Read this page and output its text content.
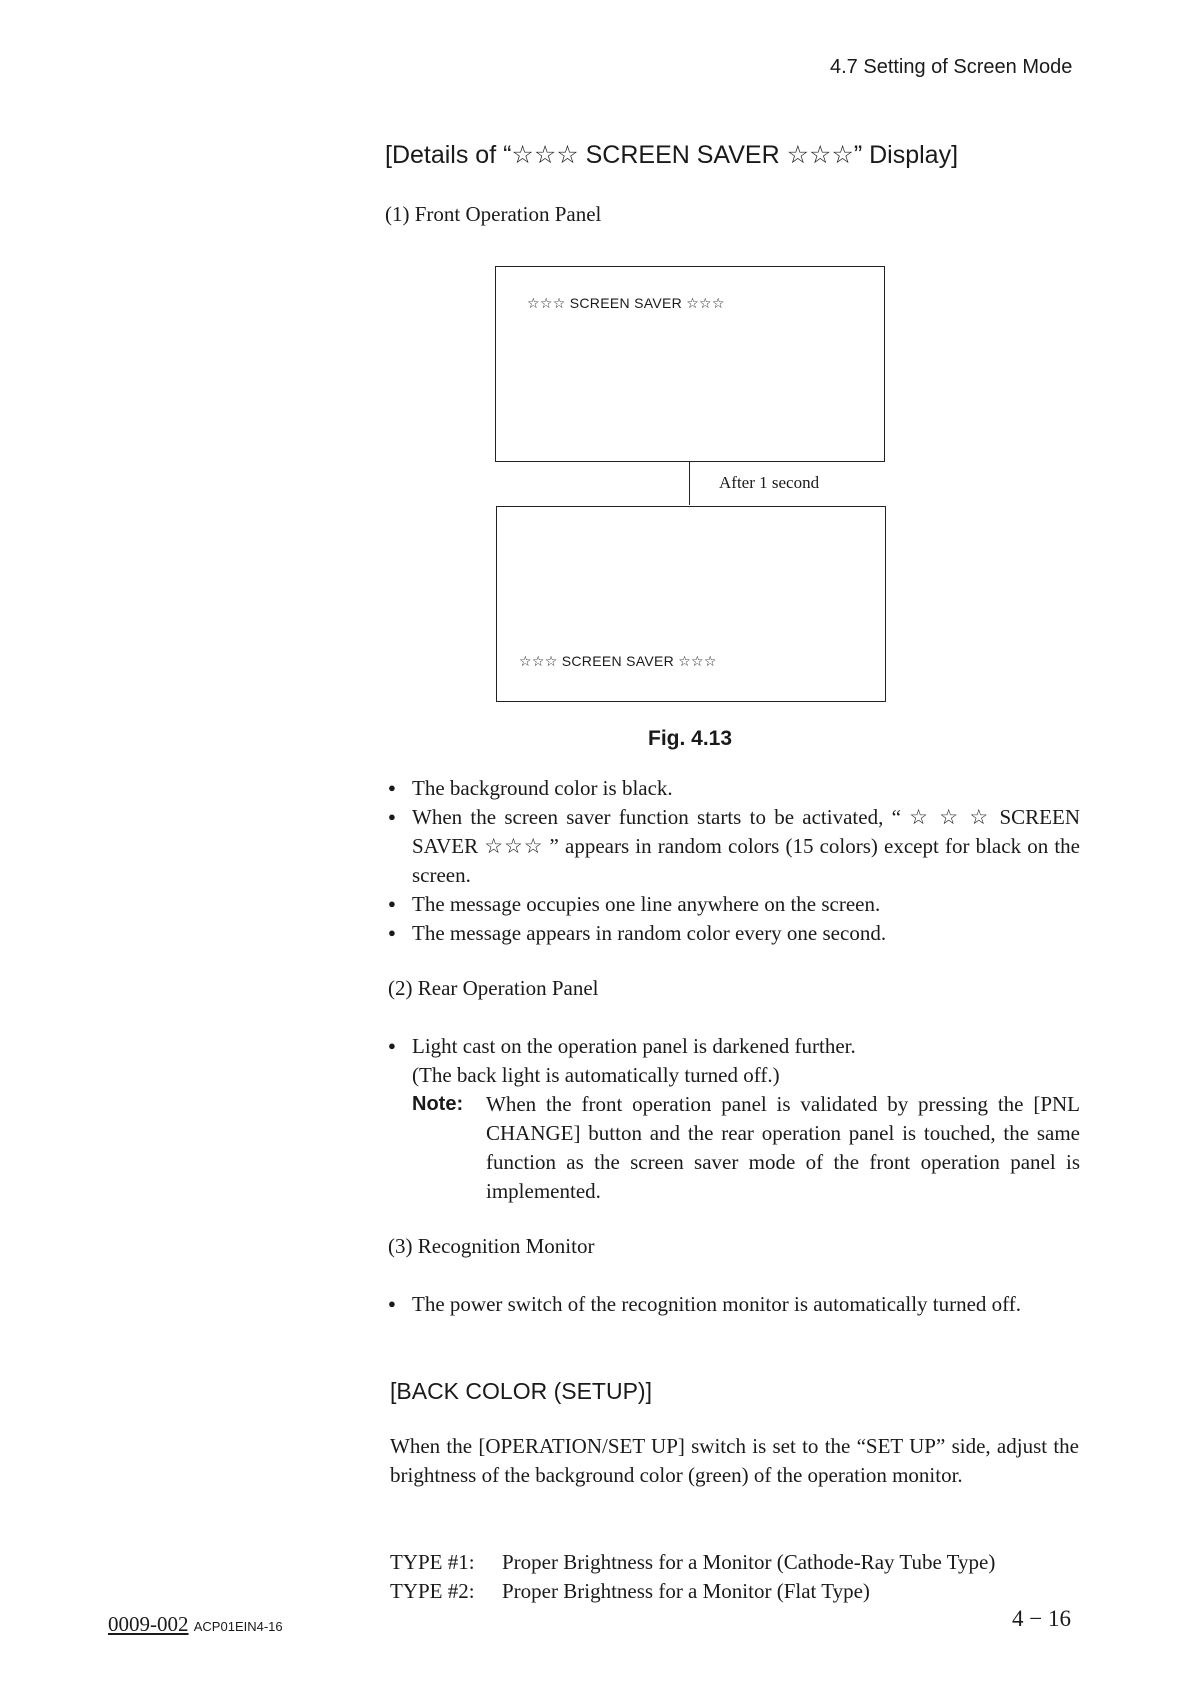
4.7 Setting of Screen Mode
[Details of “☆☆☆ SCREEN SAVER ☆☆☆” Display]
(1) Front Operation Panel
☆☆☆ SCREEN SAVER ☆☆☆
After 1 second
☆☆☆ SCREEN SAVER ☆☆☆
Fig. 4.13
● The background color is black.
● When the screen saver function starts to be activated, “ ☆ ☆ ☆ SCREEN SAVER ☆☆☆ ” appears in random colors (15 colors) except for black on the screen.
● The message occupies one line anywhere on the screen.
● The message appears in random color every one second.
(2) Rear Operation Panel
● Light cast on the operation panel is darkened further.
(The back light is automatically turned off.)
Note:	When the front operation panel is validated by pressing the [PNL CHANGE] button and the rear operation panel is touched, the same function as the screen saver mode of the front operation panel is implemented.
(3) Recognition Monitor
● The power switch of the recognition monitor is automatically turned off.
[BACK COLOR (SETUP)]
When the [OPERATION/SET UP] switch is set to the “SET UP” side, adjust the brightness of the background color (green) of the operation monitor.
TYPE #1:	Proper Brightness for a Monitor (Cathode-Ray Tube Type)
TYPE #2:	Proper Brightness for a Monitor (Flat Type)
0009-002 ACP01EIN4-16	4 − 16
